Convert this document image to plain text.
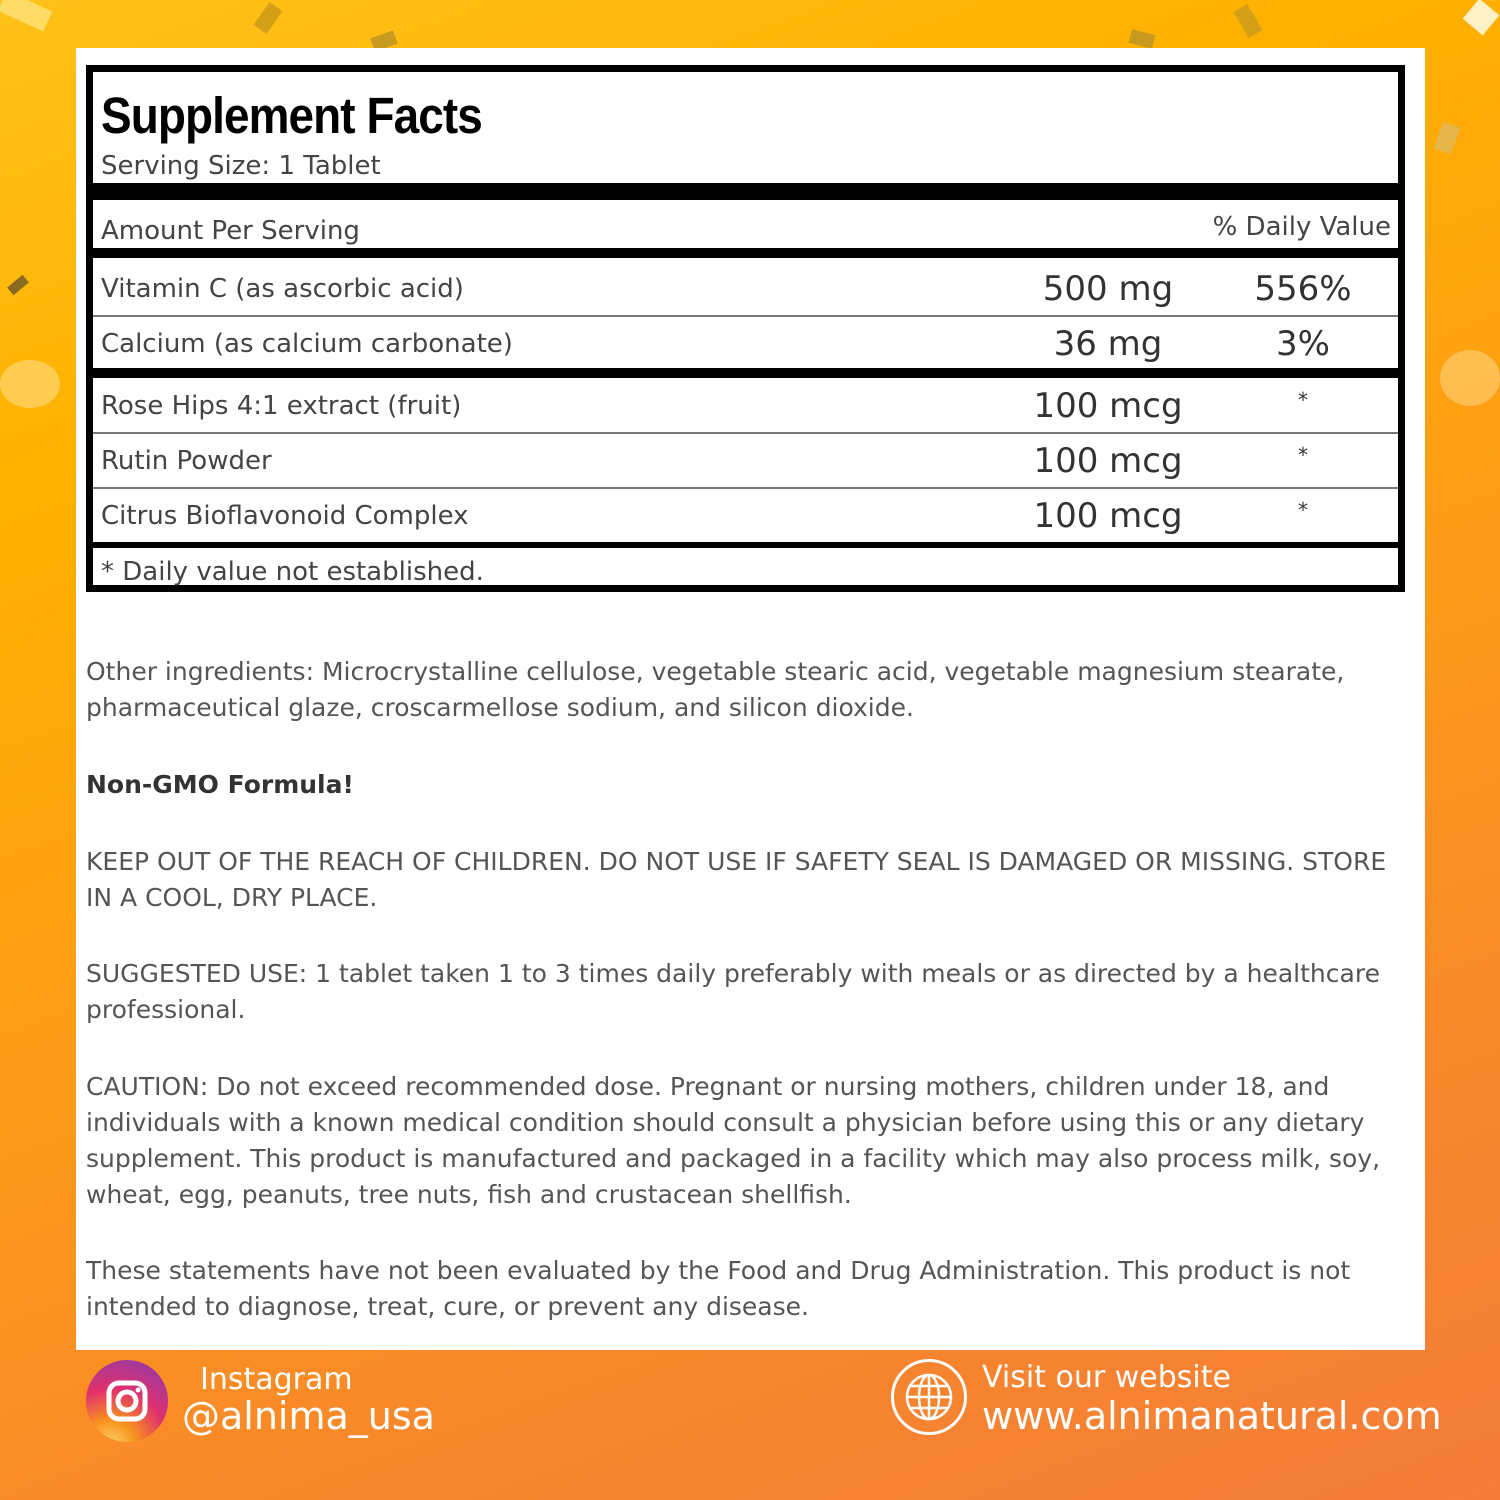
Supplement Facts
Serving Size: 1 Tablet
Amount Per Serving	% Daily Value
Vitamin C (as ascorbic acid)	500 mg	556%
Calcium (as calcium carbonate)	36 mg	3%
Rose Hips 4:1 extract (fruit)	100 mcg	*
Rutin Powder	100 mcg	*
Citrus Bioflavonoid Complex	100 mcg	*
* Daily value not established.

Other ingredients: Microcrystalline cellulose, vegetable stearic acid, vegetable magnesium stearate, pharmaceutical glaze, croscarmellose sodium, and silicon dioxide.

Non-GMO Formula!

KEEP OUT OF THE REACH OF CHILDREN. DO NOT USE IF SAFETY SEAL IS DAMAGED OR MISSING. STORE IN A COOL, DRY PLACE.

SUGGESTED USE: 1 tablet taken 1 to 3 times daily preferably with meals or as directed by a healthcare professional.

CAUTION: Do not exceed recommended dose. Pregnant or nursing mothers, children under 18, and individuals with a known medical condition should consult a physician before using this or any dietary supplement. This product is manufactured and packaged in a facility which may also process milk, soy, wheat, egg, peanuts, tree nuts, fish and crustacean shellfish.

These statements have not been evaluated by the Food and Drug Administration. This product is not intended to diagnose, treat, cure, or prevent any disease.

Instagram
@alnima_usa
Visit our website
www.alnimanatural.com
